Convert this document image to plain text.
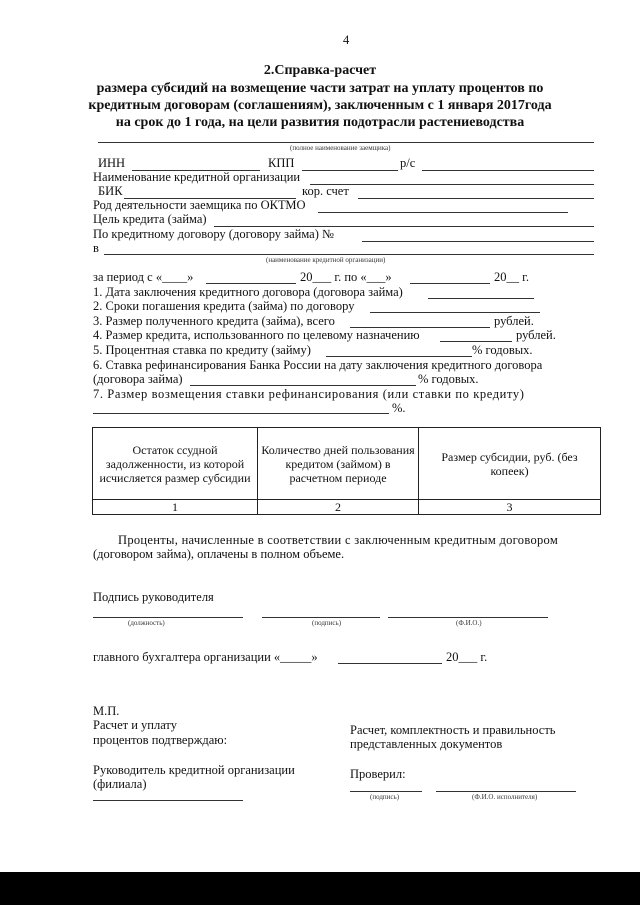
4
2.Справка-расчет
размера субсидий на возмещение части затрат на уплату процентов по
кредитным договорам (соглашениям), заключенным с 1 января 2017года
на срок до 1 года, на цели развития подотрасли растениеводства
(полное наименование заемщика)
ИНН	КПП	р/с
Наименование кредитной организации
БИК	кор. счет
Род деятельности заемщика по ОКТМО
Цель кредита (займа)
По кредитному договору (договору займа) №
в
(наименование кредитной организации)
за период с «____»	20___ г. по «___»	20__ г.
1. Дата заключения кредитного договора (договора займа)
2. Сроки погашения кредита (займа) по договору
3. Размер полученного кредита (займа), всего	рублей.
4. Размер кредита, использованного по целевому назначению	рублей.
5. Процентная ставка по кредиту (займу)	% годовых.
6. Ставка рефинансирования Банка России на дату заключения кредитного договора
(договора займа)	% годовых.
7. Размер возмещения ставки рефинансирования (или ставки по кредиту)
%.
Остаток ссудной задолженности, из которой исчисляется размер субсидии	Количество дней пользования кредитом (займом) в расчетном периоде	Размер субсидии, руб. (без копеек)
1	2	3
Проценты, начисленные в соответствии с заключенным кредитным договором
(договором займа), оплачены в полном объеме.
Подпись руководителя
(должность)	(подпись)	(Ф.И.О.)
главного бухгалтера организации «_____»	20___ г.
М.П.
Расчет и уплату
процентов подтверждаю:
Руководитель кредитной организации
(филиала)
Расчет, комплектность и правильность
представленных документов
Проверил:
(подпись)	(Ф.И.О. исполнителя)
